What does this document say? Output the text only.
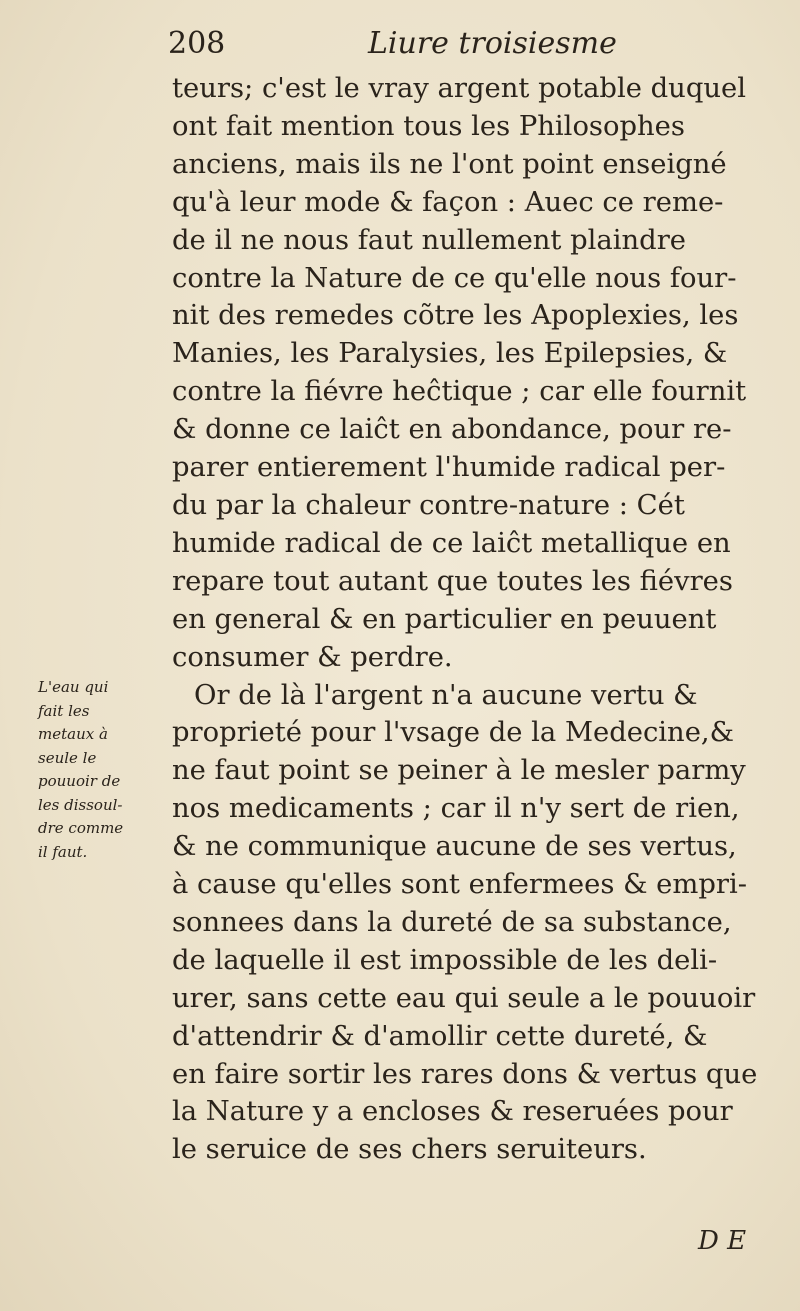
208	Liure troisiesme
teurs; c'est le vray argent potable duquel
ont fait mention tous les Philosophes
anciens, mais ils ne l'ont point enseigné
qu'à leur mode & façon : Auec ce reme-
de il ne nous faut nullement plaindre
contre la Nature de ce qu'elle nous four-
nit des remedes cõtre les Apoplexies, les
Manies, les Paralysies, les Epilepsies, &
contre la fiévre heĉtique ; car elle fournit
& donne ce laiĉt en abondance, pour re-
parer entierement l'humide radical per-
du par la chaleur contre-nature : Cét
humide radical de ce laiĉt metallique en
repare tout autant que toutes les fiévres
en general & en particulier en peuuent
consumer & perdre.
Or de là l'argent n'a aucune vertu &
proprieté pour l'vsage de la Medecine,&
ne faut point se peiner à le mesler parmy
nos medicaments ; car il n'y sert de rien,
& ne communique aucune de ses vertus,
à cause qu'elles sont enfermees & empri-
sonnees dans la dureté de sa substance,
de laquelle il est impossible de les deli-
urer, sans cette eau qui seule a le pouuoir
d'attendrir & d'amollir cette dureté, &
en faire sortir les rares dons & vertus que
la Nature y a encloses & reseruées pour
le seruice de ses chers seruiteurs.
L'eau qui
fait les
metaux à
seule le
pouuoir de
les dissoul-
dre comme
il faut.
D E
